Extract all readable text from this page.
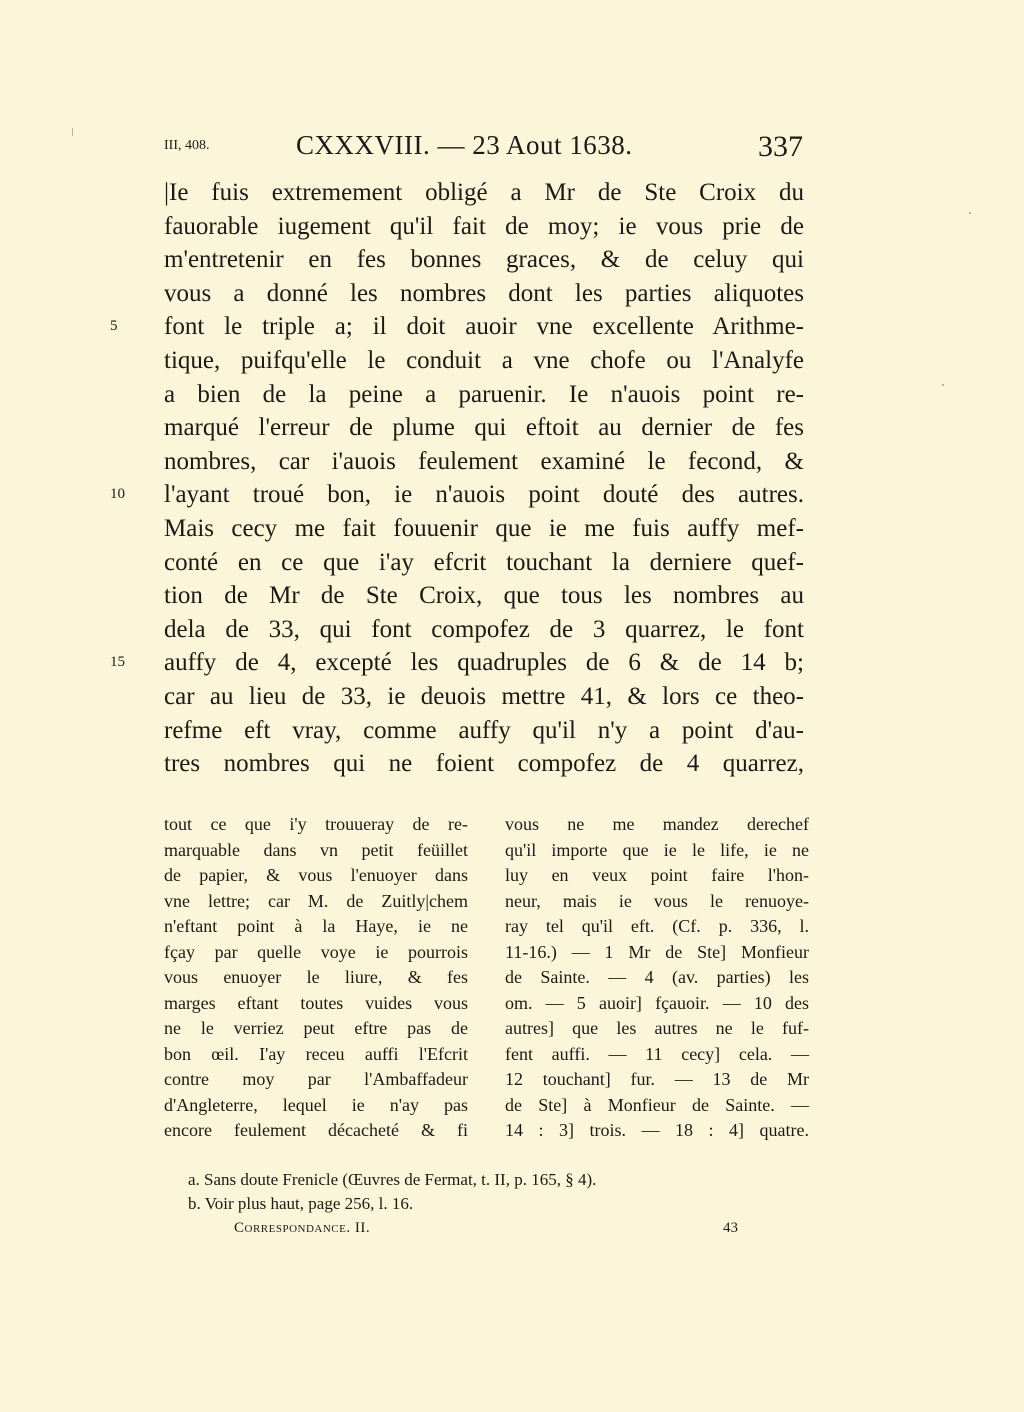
III, 408.	CXXXVIII. — 23 Aout 1638.	337
5
10
15
|Ie fuis extremement obligé a Mr de Ste Croix du
fauorable iugement qu'il fait de moy; ie vous prie de
m'entretenir en fes bonnes graces, & de celuy qui
vous a donné les nombres dont les parties aliquotes
font le triple a; il doit auoir vne excellente Arithme-
tique, puifqu'elle le conduit a vne chofe ou l'Analyfe
a bien de la peine a paruenir. Ie n'auois point re-
marqué l'erreur de plume qui eftoit au dernier de fes
nombres, car i'auois feulement examiné le fecond, &
l'ayant troué bon, ie n'auois point douté des autres.
Mais cecy me fait fouuenir que ie me fuis auffy mef-
conté en ce que i'ay efcrit touchant la derniere quef-
tion de Mr de Ste Croix, que tous les nombres au
dela de 33, qui font compofez de 3 quarrez, le font
auffy de 4, excepté les quadruples de 6 & de 14 b;
car au lieu de 33, ie deuois mettre 41, & lors ce theo-
refme eft vray, comme auffy qu'il n'y a point d'au-
tres nombres qui ne foient compofez de 4 quarrez,
tout ce que i'y trouueray de re-
marquable dans vn petit feüillet
de papier, & vous l'enuoyer dans
vne lettre; car M. de Zuitly|chem
n'eftant point à la Haye, ie ne
fçay par quelle voye ie pourrois
vous enuoyer le liure, & fes
marges eftant toutes vuides vous
ne le verriez peut eftre pas de
bon œil. I'ay receu auffi l'Efcrit
contre moy par l'Ambaffadeur
d'Angleterre, lequel ie n'ay pas
encore feulement décacheté & fi
vous ne me mandez derechef
qu'il importe que ie le life, ie ne
luy en veux point faire l'hon-
neur, mais ie vous le renuoye-
ray tel qu'il eft. (Cf. p. 336, l.
11-16.) — 1 Mr de Ste] Monfieur
de Sainte. — 4 (av. parties) les
om. — 5 auoir] fçauoir. — 10 des
autres] que les autres ne le fuf-
fent auffi. — 11 cecy] cela. —
12 touchant] fur. — 13 de Mr
de Ste] à Monfieur de Sainte. —
14 : 3] trois. — 18 : 4] quatre.
a. Sans doute Frenicle (Œuvres de Fermat, t. II, p. 165, § 4).
b. Voir plus haut, page 256, l. 16.
Correspondance. II.	43
